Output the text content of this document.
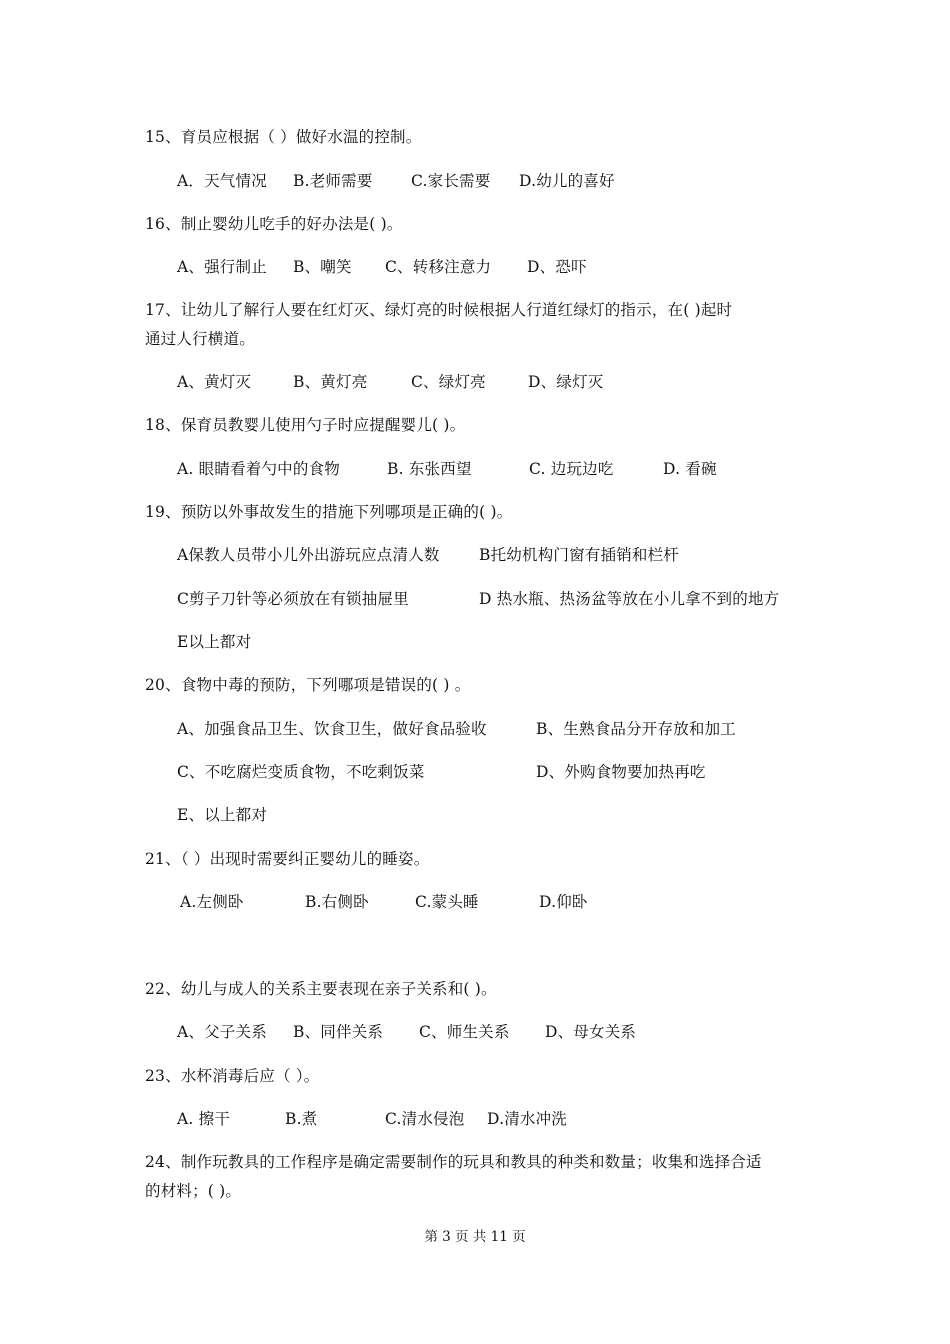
15、育员应根据（ ）做好水温的控制。
A．天气情况 B.老师需要 C.家长需要 D.幼儿的喜好
16、制止婴幼儿吃手的好办法是( )。
A、强行制止 B、嘲笑 C、转移注意力 D、恐吓
17、让幼儿了解行人要在红灯灭、绿灯亮的时候根据人行道红绿灯的指示，在( )起时
通过人行横道。
A、黄灯灭	B、黄灯亮	C、绿灯亮	D、绿灯灭
18、保育员教婴儿使用勺子时应提醒婴儿( )。
A. 眼睛看着勺中的食物	B. 东张西望	C. 边玩边吃	D. 看碗
19、预防以外事故发生的措施下列哪项是正确的( )。
A保教人员带小儿外出游玩应点清人数	B托幼机构门窗有插销和栏杆
C剪子刀针等必须放在有锁抽屉里	D 热水瓶、热汤盆等放在小儿拿不到的地方
E以上都对
20、食物中毒的预防，下列哪项是错误的( ) 。
A、加强食品卫生、饮食卫生，做好食品验收	B、生熟食品分开存放和加工
C、不吃腐烂变质食物，不吃剩饭菜	D、外购食物要加热再吃
E、以上都对
21、（ ）出现时需要纠正婴幼儿的睡姿。
A.左侧卧	B.右侧卧	C.蒙头睡	D.仰卧
22、幼儿与成人的关系主要表现在亲子关系和( )。
A、父子关系 B、同伴关系 C、师生关系 D、母女关系
23、水杯消毒后应（ ）。
A. 擦干	B.煮	C.清水侵泡 D.清水冲洗
24、制作玩教具的工作程序是确定需要制作的玩具和教具的种类和数量；收集和选择合适
的材料；( )。
第 3 页 共 11 页
